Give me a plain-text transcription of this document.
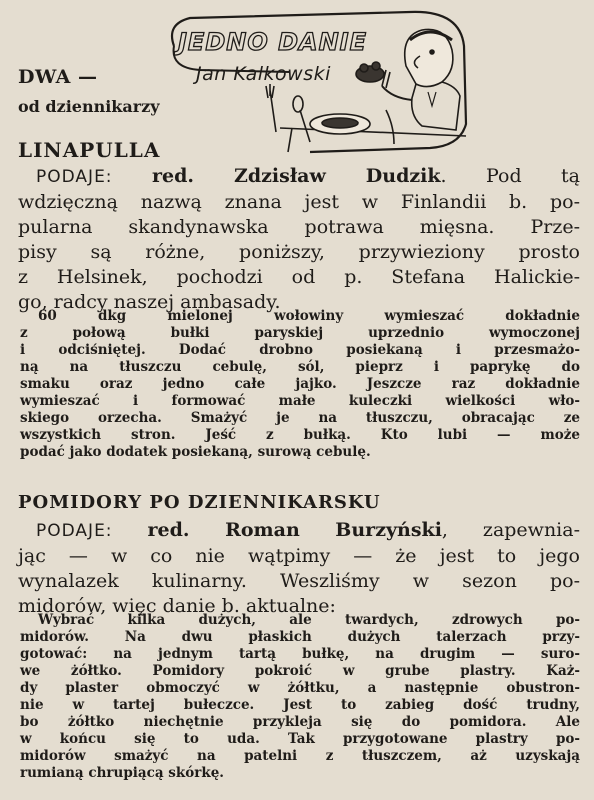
JEDNO DANIE
Jan Kalkowski
DWA —
od dziennikarzy
LINAPULLA
PODAJE: red. Zdzisław Dudzik. Pod tą
wdzięczną nazwą znana jest w Finlandii b. po-
pularna skandynawska potrawa mięsna. Prze-
pisy są różne, poniższy, przywieziony prosto
z Helsinek, pochodzi od p. Stefana Halickie-
go, radcy naszej ambasady.
60 dkg mielonej wołowiny wymieszać dokładnie
z połową bułki paryskiej uprzednio wymoczonej
i odciśniętej. Dodać drobno posiekaną i przesmażo-
ną na tłuszczu cebulę, sól, pieprz i paprykę do
smaku oraz jedno całe jajko. Jeszcze raz dokładnie
wymieszać i formować małe kuleczki wielkości wło-
skiego orzecha. Smażyć je na tłuszczu, obracając ze
wszystkich stron. Jeść z bułką. Kto lubi — może
podać jako dodatek posiekaną, surową cebulę.
POMIDORY PO DZIENNIKARSKU
PODAJE: red. Roman Burzyński, zapewnia-
jąc — w co nie wątpimy — że jest to jego
wynalazek kulinarny. Weszliśmy w sezon po-
midorów, więc danie b. aktualne:
Wybrać kilka dużych, ale twardych, zdrowych po-
midorów. Na dwu płaskich dużych talerzach przy-
gotować: na jednym tartą bułkę, na drugim — suro-
we żółtko. Pomidory pokroić w grube plastry. Każ-
dy plaster obmoczyć w żółtku, a następnie obustron-
nie w tartej bułeczce. Jest to zabieg dość trudny,
bo żółtko niechętnie przykleja się do pomidora. Ale
w końcu się to uda. Tak przygotowane plastry po-
midorów smażyć na patelni z tłuszczem, aż uzyskają
rumianą chrupiącą skórkę.
